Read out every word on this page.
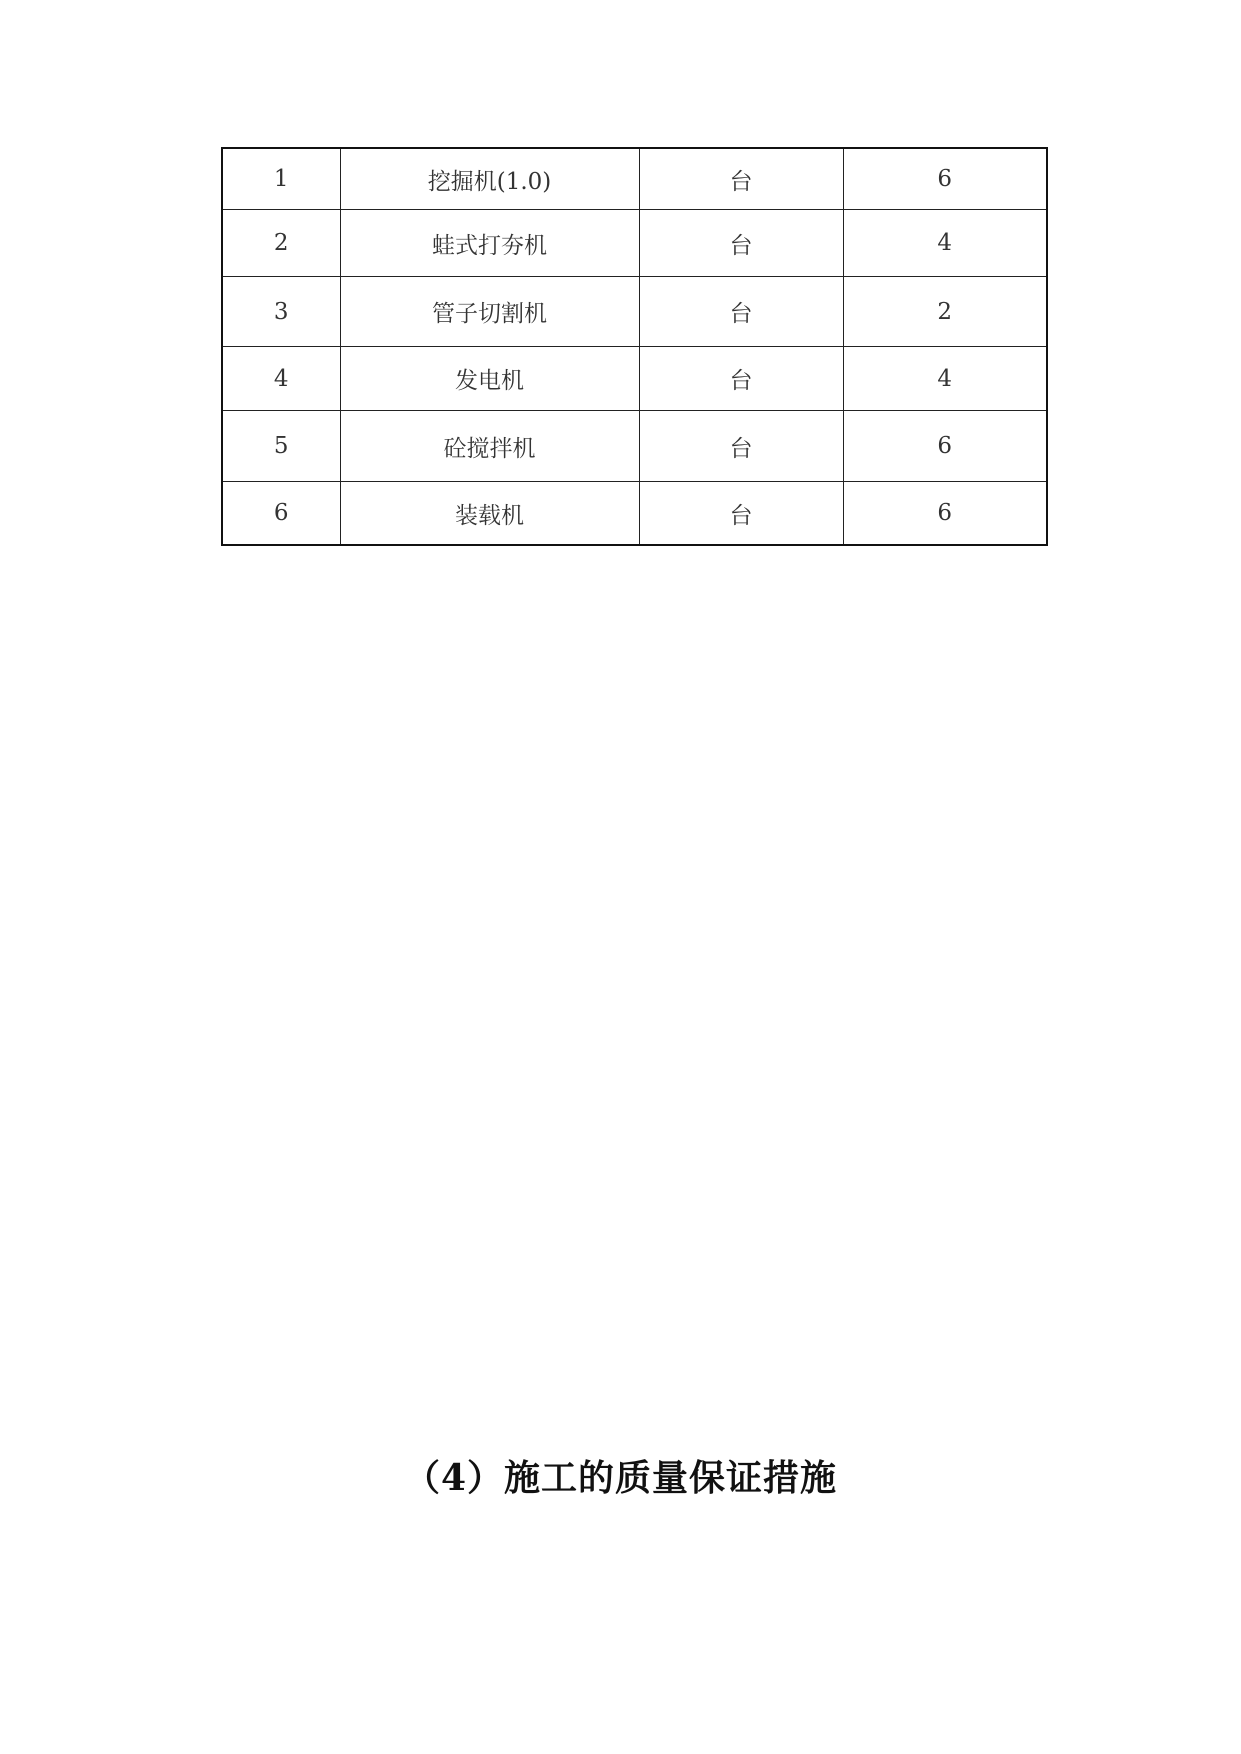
1	挖掘机(1.0)	台	6
2	蛙式打夯机	台	4
3	管子切割机	台	2
4	发电机	台	4
5	砼搅拌机	台	6
6	装载机	台	6
（4）施工的质量保证措施
